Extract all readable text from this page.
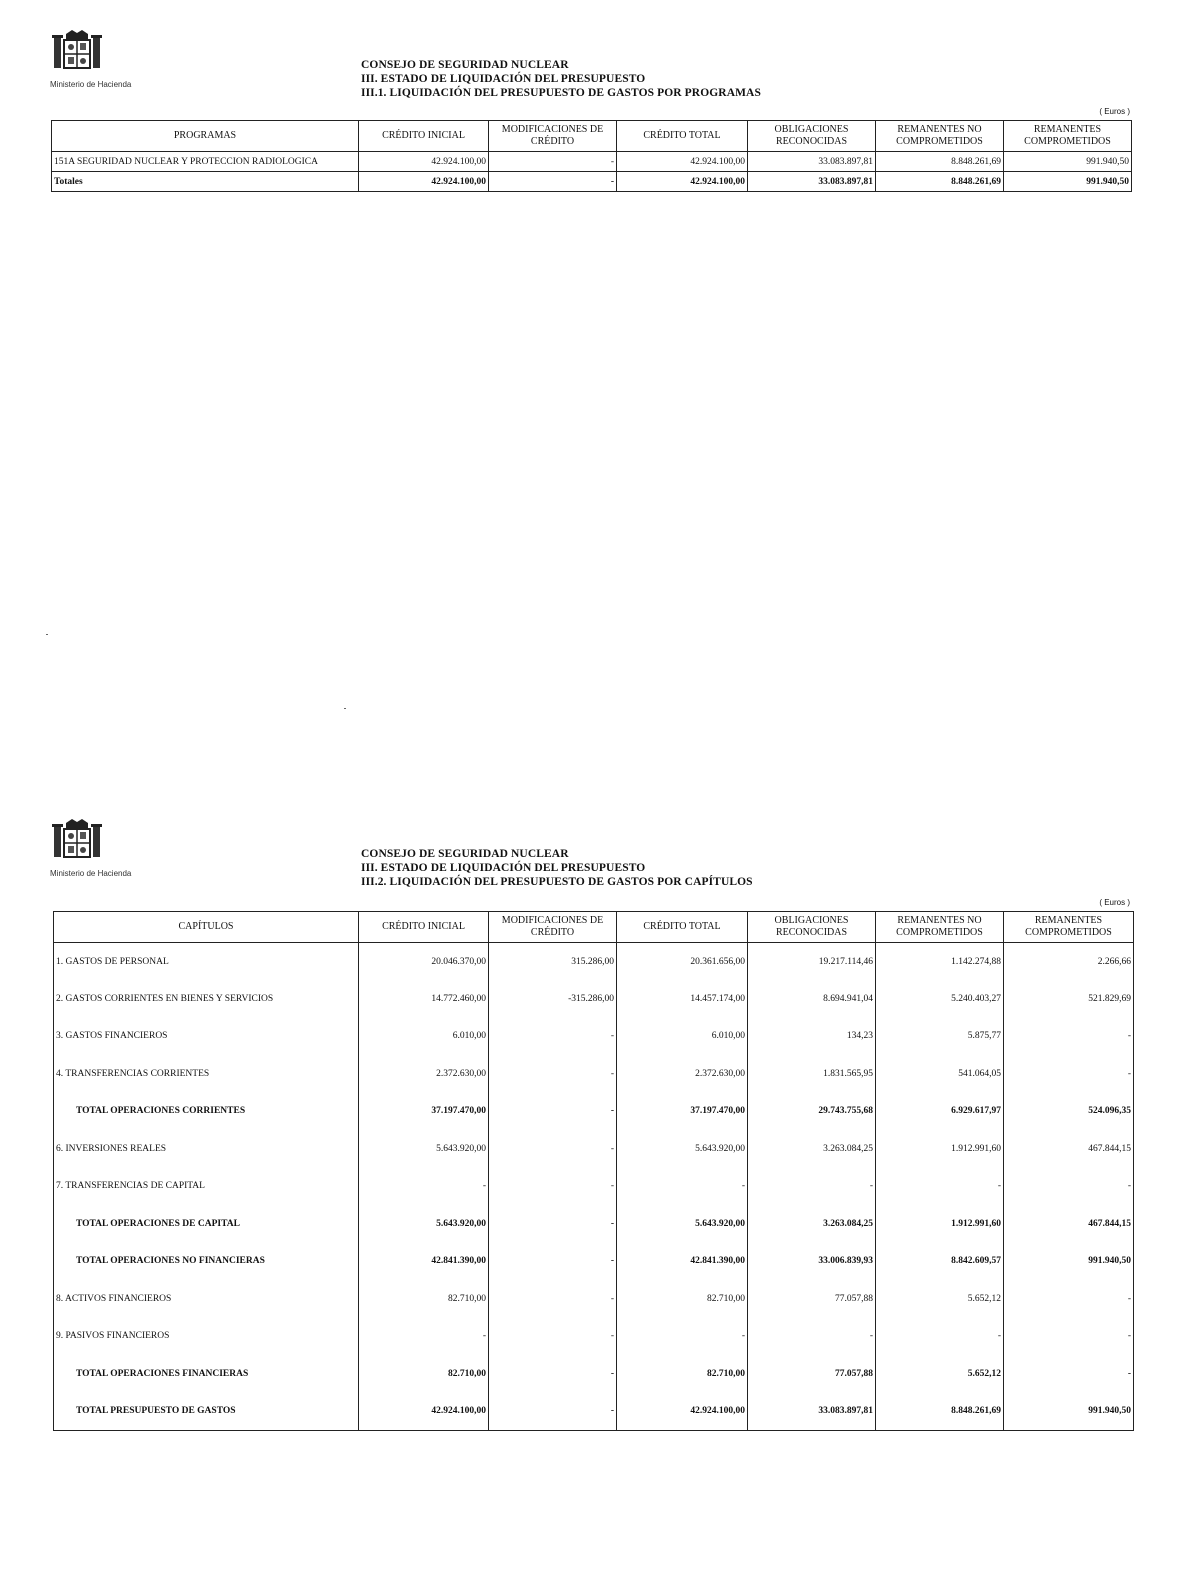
Ministerio de Hacienda
CONSEJO DE SEGURIDAD NUCLEAR
III. ESTADO DE LIQUIDACIÓN DEL PRESUPUESTO
III.1. LIQUIDACIÓN DEL PRESUPUESTO DE GASTOS POR PROGRAMAS
( Euros )
PROGRAMAS	CRÉDITO INICIAL	MODIFICACIONES DE CRÉDITO	CRÉDITO TOTAL	OBLIGACIONES RECONOCIDAS	REMANENTES NO COMPROMETIDOS	REMANENTES COMPROMETIDOS
151A SEGURIDAD NUCLEAR Y PROTECCION RADIOLOGICA	42.924.100,00	-	42.924.100,00	33.083.897,81	8.848.261,69	991.940,50
Totales	42.924.100,00	-	42.924.100,00	33.083.897,81	8.848.261,69	991.940,50
Ministerio de Hacienda
CONSEJO DE SEGURIDAD NUCLEAR
III. ESTADO DE LIQUIDACIÓN DEL PRESUPUESTO
III.2. LIQUIDACIÓN DEL PRESUPUESTO DE GASTOS POR CAPÍTULOS
( Euros )
CAPÍTULOS	CRÉDITO INICIAL	MODIFICACIONES DE CRÉDITO	CRÉDITO TOTAL	OBLIGACIONES RECONOCIDAS	REMANENTES NO COMPROMETIDOS	REMANENTES COMPROMETIDOS
1. GASTOS DE PERSONAL	20.046.370,00	315.286,00	20.361.656,00	19.217.114,46	1.142.274,88	2.266,66
2. GASTOS CORRIENTES EN BIENES Y SERVICIOS	14.772.460,00	-315.286,00	14.457.174,00	8.694.941,04	5.240.403,27	521.829,69
3. GASTOS FINANCIEROS	6.010,00	-	6.010,00	134,23	5.875,77	-
4. TRANSFERENCIAS CORRIENTES	2.372.630,00	-	2.372.630,00	1.831.565,95	541.064,05	-
TOTAL OPERACIONES CORRIENTES	37.197.470,00	-	37.197.470,00	29.743.755,68	6.929.617,97	524.096,35
6. INVERSIONES REALES	5.643.920,00	-	5.643.920,00	3.263.084,25	1.912.991,60	467.844,15
7. TRANSFERENCIAS DE CAPITAL	-	-	-	-	-	-
TOTAL OPERACIONES DE CAPITAL	5.643.920,00	-	5.643.920,00	3.263.084,25	1.912.991,60	467.844,15
TOTAL OPERACIONES NO FINANCIERAS	42.841.390,00	-	42.841.390,00	33.006.839,93	8.842.609,57	991.940,50
8. ACTIVOS FINANCIEROS	82.710,00	-	82.710,00	77.057,88	5.652,12	-
9. PASIVOS FINANCIEROS	-	-	-	-	-	-
TOTAL OPERACIONES FINANCIERAS	82.710,00	-	82.710,00	77.057,88	5.652,12	-
TOTAL PRESUPUESTO DE GASTOS	42.924.100,00	-	42.924.100,00	33.083.897,81	8.848.261,69	991.940,50
